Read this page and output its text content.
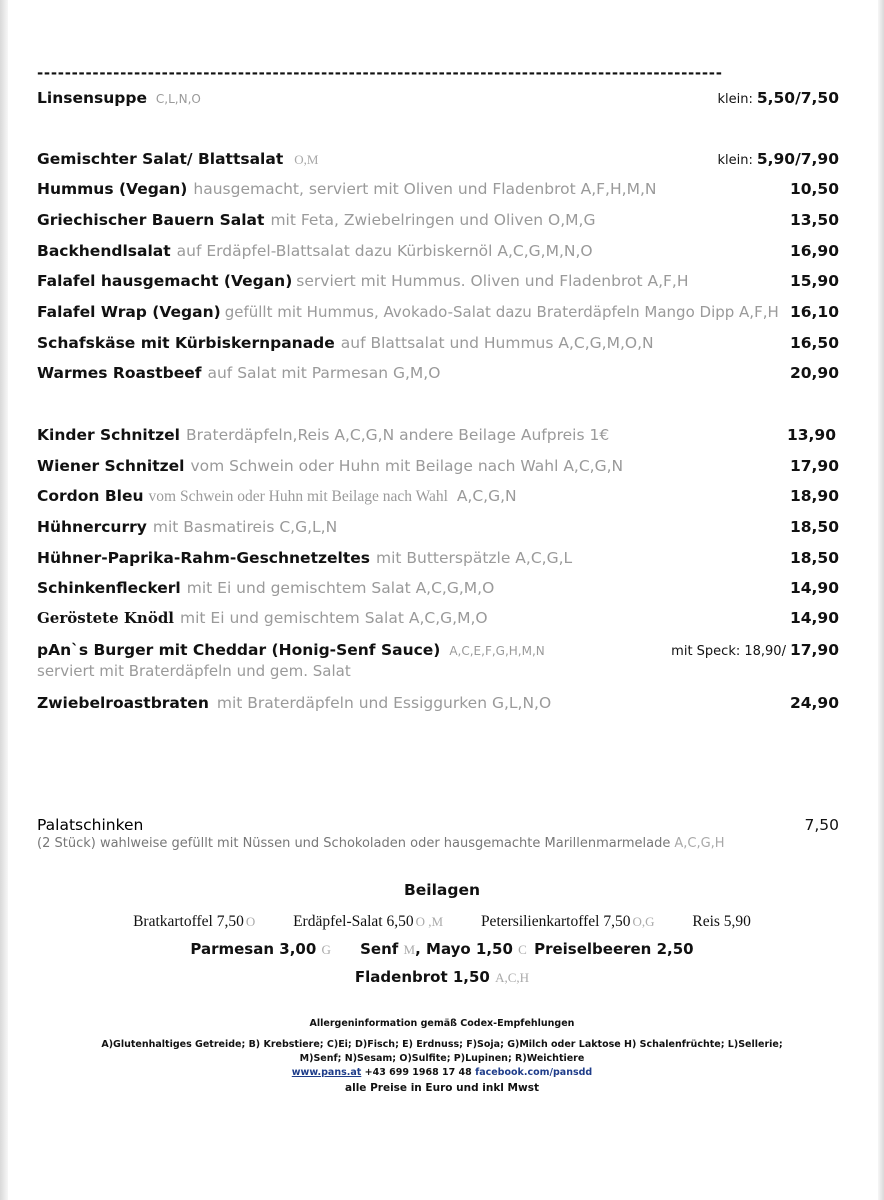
---------------------------------------------------------------------------------------------------
Linsensuppe C,L,N,O	klein: 5,50/7,50
Gemischter Salat/ Blattsalat O,M	klein: 5,90/7,90
Hummus (Vegan) hausgemacht, serviert mit Oliven und Fladenbrot A,F,H,M,N	10,50
Griechischer Bauern Salat mit Feta, Zwiebelringen und Oliven O,M,G	13,50
Backhendlsalat auf Erdäpfel-Blattsalat dazu Kürbiskernöl A,C,G,M,N,O	16,90
Falafel hausgemacht (Vegan) serviert mit Hummus. Oliven und Fladenbrot A,F,H	15,90
Falafel Wrap (Vegan) gefüllt mit Hummus, Avokado-Salat dazu Braterdäpfeln Mango Dipp A,F,H 16,10
Schafskäse mit Kürbiskernpanade auf Blattsalat und Hummus A,C,G,M,O,N	16,50
Warmes Roastbeef auf Salat mit Parmesan G,M,O	20,90
Kinder Schnitzel Braterdäpfeln,Reis A,C,G,N andere Beilage Aufpreis 1€	13,90
Wiener Schnitzel vom Schwein oder Huhn mit Beilage nach Wahl A,C,G,N	17,90
Cordon Bleu vom Schwein oder Huhn mit Beilage nach Wahl A,C,G,N	18,90
Hühnercurry mit Basmatireis C,G,L,N	18,50
Hühner-Paprika-Rahm-Geschnetzeltes mit Butterspätzle A,C,G,L	18,50
Schinkenfleckerl mit Ei und gemischtem Salat A,C,G,M,O	14,90
Geröstete Knödl mit Ei und gemischtem Salat A,C,G,M,O	14,90
pAn`s Burger mit Cheddar (Honig-Senf Sauce) A,C,E,F,G,H,M,N	mit Speck: 18,90/ 17,90
serviert mit Braterdäpfeln und gem. Salat
Zwiebelroastbraten mit Braterdäpfeln und Essiggurken G,L,N,O	24,90
Palatschinken	7,50
(2 Stück) wahlweise gefüllt mit Nüssen und Schokoladen oder hausgemachte Marillenmarmelade A,C,G,H
Beilagen
Bratkartoffel 7,50 O Erdäpfel-Salat 6,50 O ,M Petersilienkartoffel 7,50 O,G Reis 5,90
Parmesan 3,00 G Senf M, Mayo 1,50 C Preiselbeeren 2,50
Fladenbrot 1,50 A,C,H
Allergeninformation gemäß Codex-Empfehlungen
A)Glutenhaltiges Getreide; B) Krebstiere; C)Ei; D)Fisch; E) Erdnuss; F)Soja; G)Milch oder Laktose H) Schalenfrüchte; L)Sellerie;
M)Senf; N)Sesam; O)Sulfite; P)Lupinen; R)Weichtiere
www.pans.at +43 699 1968 17 48 facebook.com/pansdd
alle Preise in Euro und inkl Mwst
